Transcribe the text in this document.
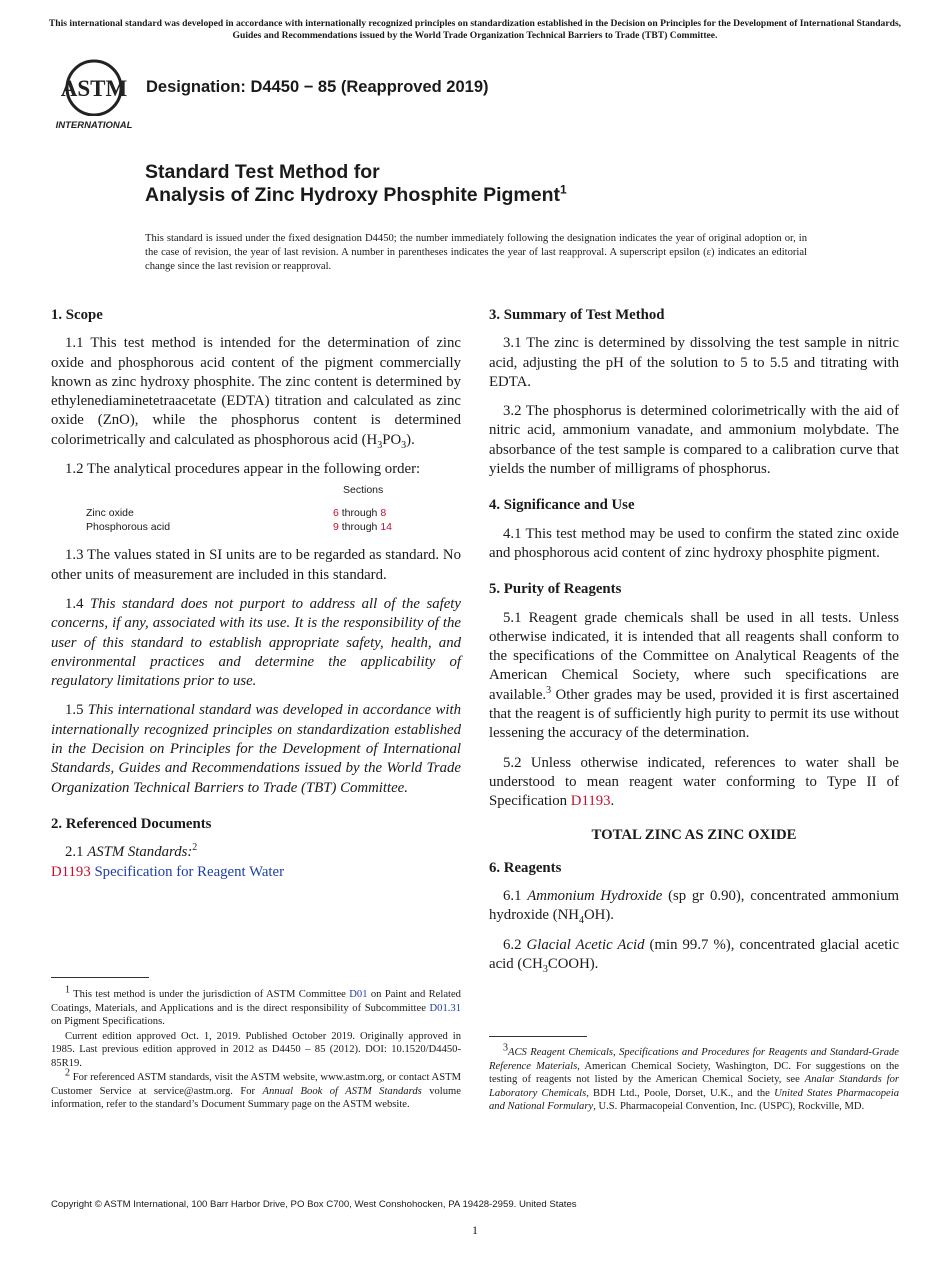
This international standard was developed in accordance with internationally recognized principles on standardization established in the Decision on Principles for the Development of International Standards, Guides and Recommendations issued by the World Trade Organization Technical Barriers to Trade (TBT) Committee.
ASTM
INTERNATIONAL
Designation: D4450 − 85 (Reapproved 2019)
Standard Test Method for
Analysis of Zinc Hydroxy Phosphite Pigment$^1$
This standard is issued under the fixed designation D4450; the number immediately following the designation indicates the year of original adoption or, in the case of revision, the year of last revision. A number in parentheses indicates the year of last reapproval. A superscript epsilon (ε) indicates an editorial change since the last revision or reapproval.
1. Scope

1.1 This test method is intended for the determination of zinc oxide and phosphorous acid content of the pigment commercially known as zinc hydroxy phosphite. The zinc content is determined by ethylenediaminetetraacetate (EDTA) titration and calculated as zinc oxide (ZnO), while the phosphorus content is determined colorimetrically and calculated as phosphorous acid $(H_3PO_3)$.

1.2 The analytical procedures appear in the following order:

Sections
Zinc oxide	6 through 8
Phosphorous acid	9 through 14

1.3 The values stated in SI units are to be regarded as standard. No other units of measurement are included in this standard.

1.4 This standard does not purport to address all of the safety concerns, if any, associated with its use. It is the responsibility of the user of this standard to establish appropriate safety, health, and environmental practices and determine the applicability of regulatory limitations prior to use.

1.5 This international standard was developed in accordance with internationally recognized principles on standardization established in the Decision on Principles for the Development of International Standards, Guides and Recommendations issued by the World Trade Organization Technical Barriers to Trade (TBT) Committee.

2. Referenced Documents

2.1 ASTM Standards:$^2$

D1193 Specification for Reagent Water

$^1$ This test method is under the jurisdiction of ASTM Committee D01 on Paint and Related Coatings, Materials, and Applications and is the direct responsibility of Subcommittee D01.31 on Pigment Specifications.

Current edition approved Oct. 1, 2019. Published October 2019. Originally approved in 1985. Last previous edition approved in 2012 as D4450 – 85 (2012). DOI: 10.1520/D4450-85R19.

$^2$ For referenced ASTM standards, visit the ASTM website, www.astm.org, or contact ASTM Customer Service at service@astm.org. For Annual Book of ASTM Standards volume information, refer to the standard’s Document Summary page on the ASTM website.

3. Summary of Test Method

3.1 The zinc is determined by dissolving the test sample in nitric acid, adjusting the pH of the solution to 5 to 5.5 and titrating with EDTA.

3.2 The phosphorus is determined colorimetrically with the aid of nitric acid, ammonium vanadate, and ammonium molybdate. The absorbance of the test sample is compared to a calibration curve that yields the number of milligrams of phosphorus.

4. Significance and Use

4.1 This test method may be used to confirm the stated zinc oxide and phosphorous acid content of zinc hydroxy phosphite pigment.

5. Purity of Reagents

5.1 Reagent grade chemicals shall be used in all tests. Unless otherwise indicated, it is intended that all reagents shall conform to the specifications of the Committee on Analytical Reagents of the American Chemical Society, where such specifications are available.$^3$ Other grades may be used, provided it is first ascertained that the reagent is of sufficiently high purity to permit its use without lessening the accuracy of the determination.

5.2 Unless otherwise indicated, references to water shall be understood to mean reagent water conforming to Type II of Specification D1193.

TOTAL ZINC AS ZINC OXIDE

6. Reagents

6.1 Ammonium Hydroxide (sp gr 0.90), concentrated ammonium hydroxide $(NH_4OH)$.

6.2 Glacial Acetic Acid (min 99.7 %), concentrated glacial acetic acid $(CH_3COOH)$.

$^3$ACS Reagent Chemicals, Specifications and Procedures for Reagents and Standard-Grade Reference Materials, American Chemical Society, Washington, DC. For suggestions on the testing of reagents not listed by the American Chemical Society, see Analar Standards for Laboratory Chemicals, BDH Ltd., Poole, Dorset, U.K., and the United States Pharmacopeia and National Formulary, U.S. Pharmacopeial Convention, Inc. (USPC), Rockville, MD.

Copyright © ASTM International, 100 Barr Harbor Drive, PO Box C700, West Conshohocken, PA 19428-2959. United States
1
